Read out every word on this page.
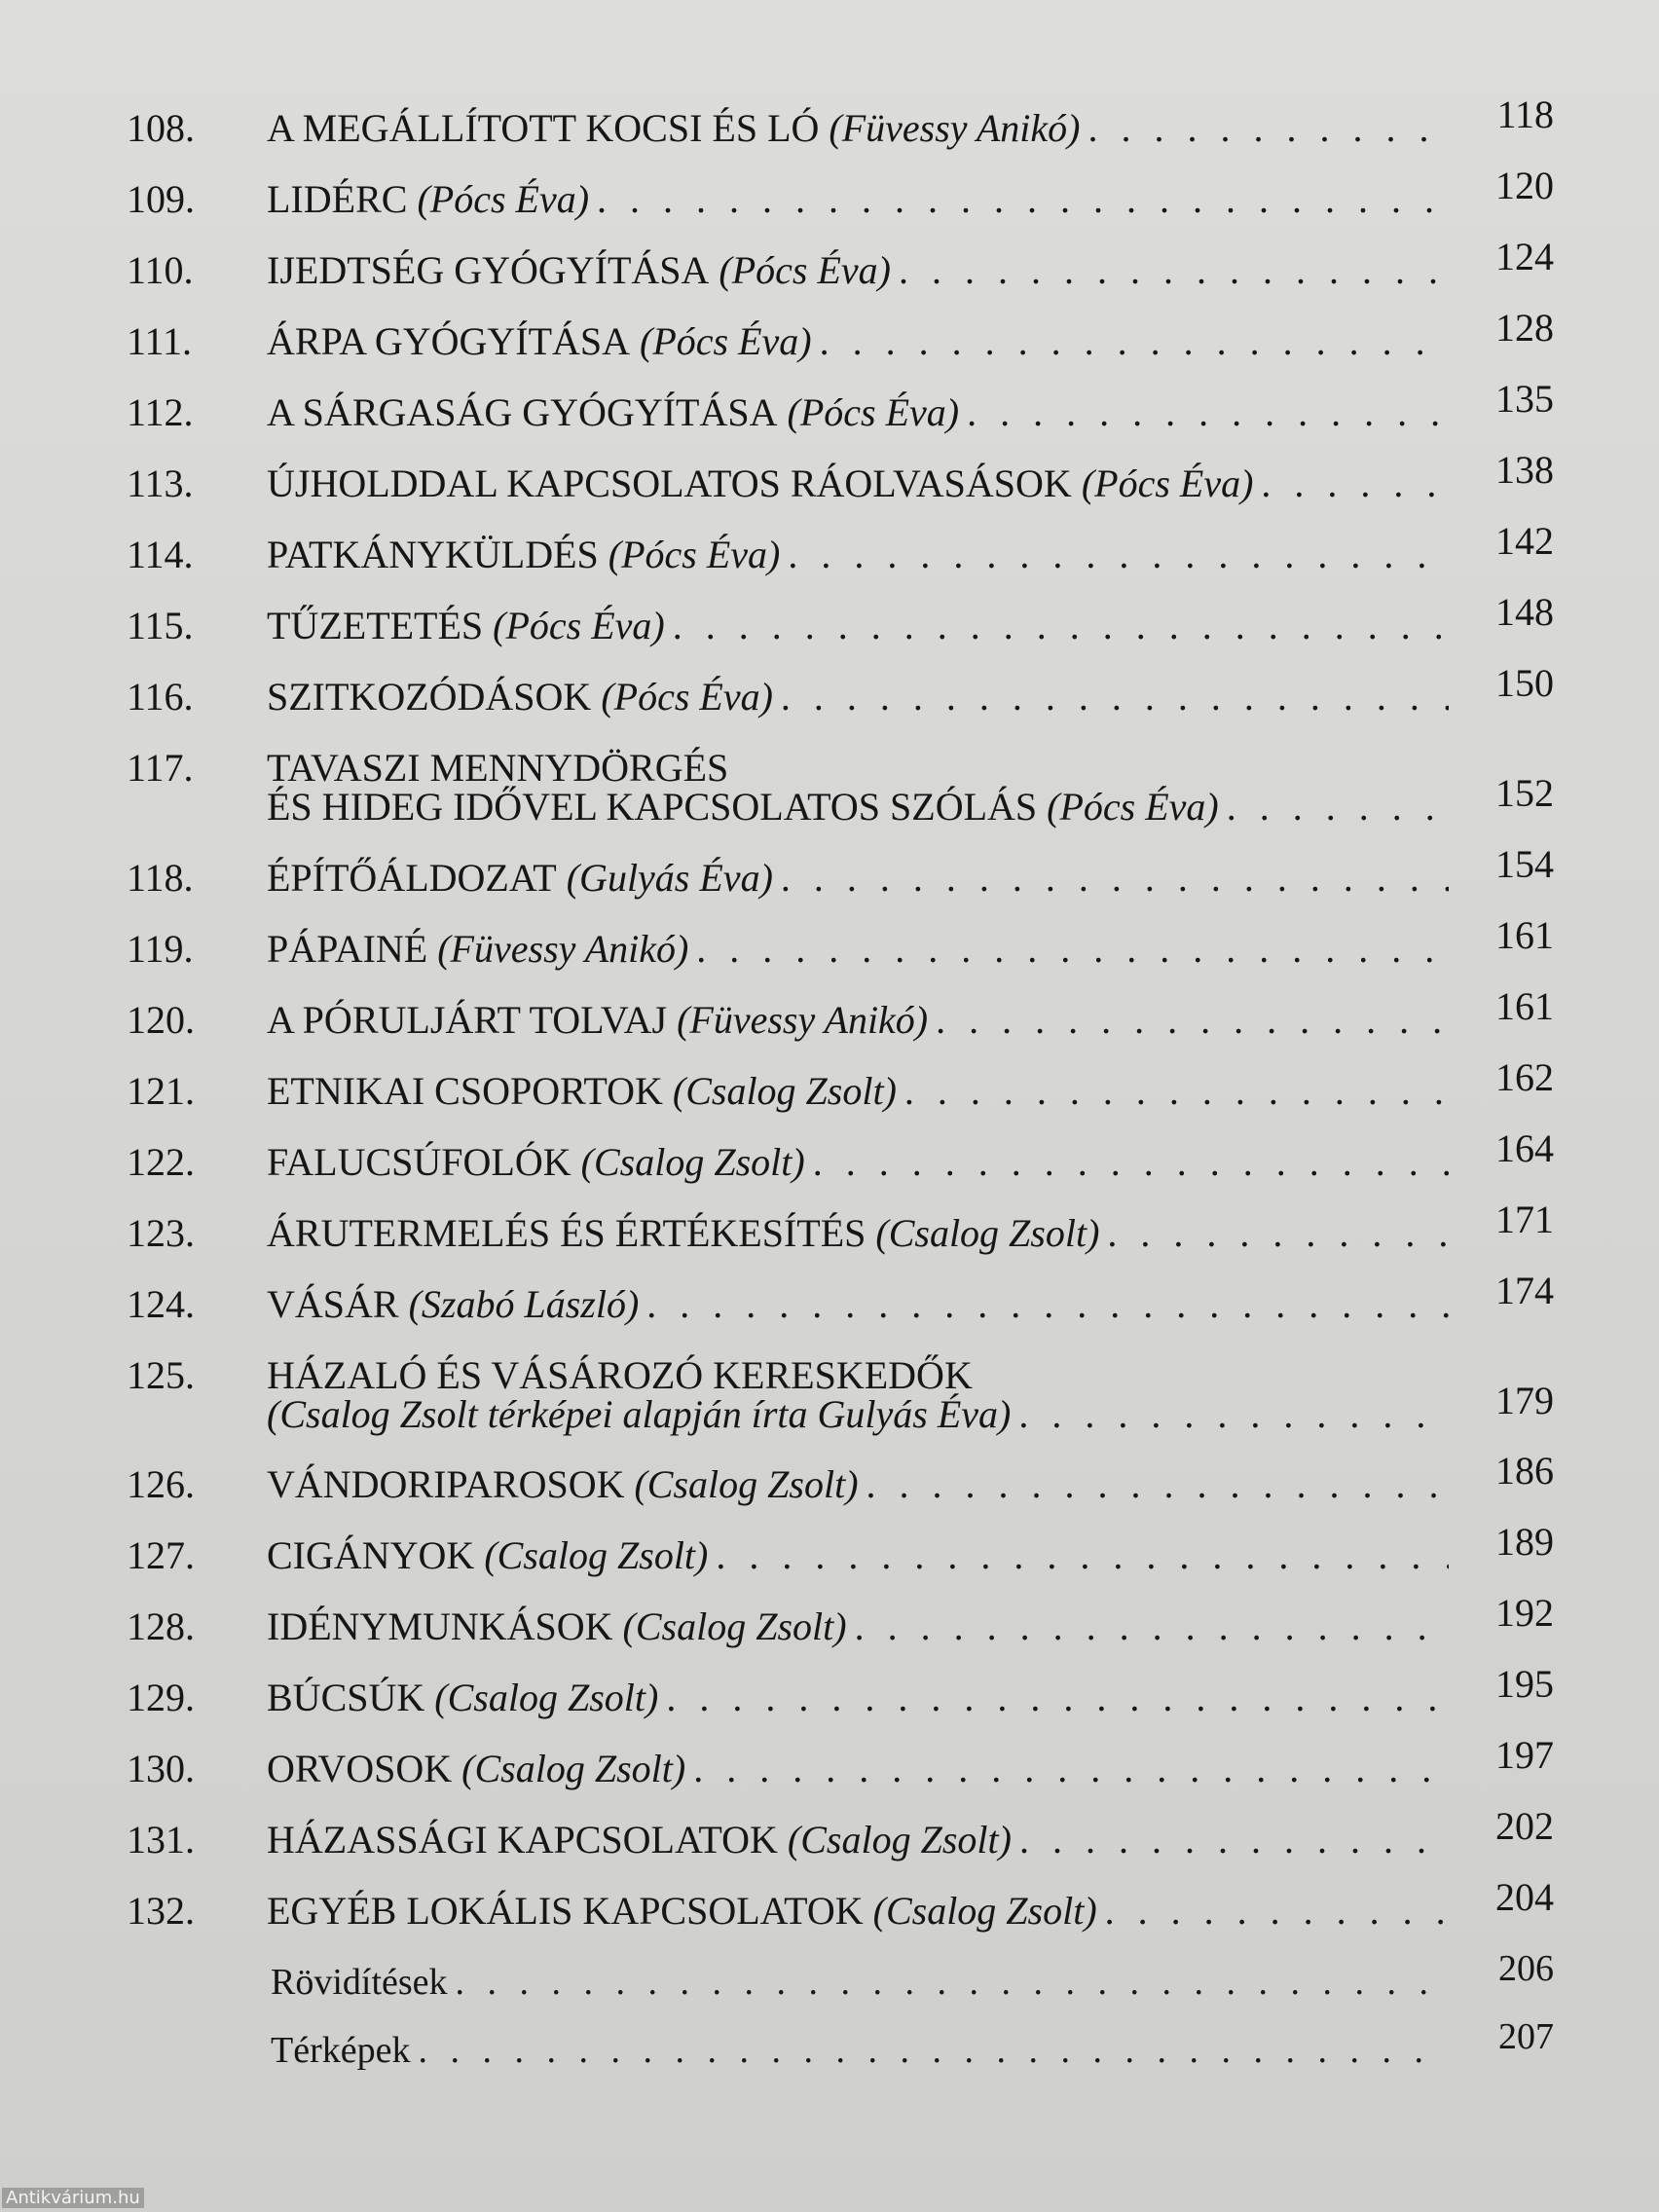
108.	A MEGÁLLÍTOTT KOCSI ÉS LÓ (Füvessy Anikó) . . .	118
109.	LIDÉRC (Pócs Éva) . . .	120
110.	IJEDTSÉG GYÓGYÍTÁSA (Pócs Éva) . . .	124
111.	ÁRPA GYÓGYÍTÁSA (Pócs Éva) . . .	128
112.	A SÁRGASÁG GYÓGYÍTÁSA (Pócs Éva) . . .	135
113.	ÚJHOLDDAL KAPCSOLATOS RÁOLVASÁSOK (Pócs Éva) . . .	138
114.	PATKÁNYKÜLDÉS (Pócs Éva) . . .	142
115.	TŰZETETÉS (Pócs Éva) . . .	148
116.	SZITKOZÓDÁSOK (Pócs Éva) . . .	150
117.	TAVASZI MENNYDÖRGÉS
ÉS HIDEG IDŐVEL KAPCSOLATOS SZÓLÁS (Pócs Éva) . . .	152
118.	ÉPÍTŐÁLDOZAT (Gulyás Éva) . . .	154
119.	PÁPAINÉ (Füvessy Anikó) . . .	161
120.	A PÓRULJÁRT TOLVAJ (Füvessy Anikó) . . .	161
121.	ETNIKAI CSOPORTOK (Csalog Zsolt) . . .	162
122.	FALUCSÚFOLÓK (Csalog Zsolt) . . .	164
123.	ÁRUTERMELÉS ÉS ÉRTÉKESÍTÉS (Csalog Zsolt) . . .	171
124.	VÁSÁR (Szabó László) . . .	174
125.	HÁZALÓ ÉS VÁSÁROZÓ KERESKEDŐK
(Csalog Zsolt térképei alapján írta Gulyás Éva) . . .	179
126.	VÁNDORIPAROSOK (Csalog Zsolt) . . .	186
127.	CIGÁNYOK (Csalog Zsolt) . . .	189
128.	IDÉNYMUNKÁSOK (Csalog Zsolt) . . .	192
129.	BÚCSÚK (Csalog Zsolt) . . .	195
130.	ORVOSOK (Csalog Zsolt) . . .	197
131.	HÁZASSÁGI KAPCSOLATOK (Csalog Zsolt) . . .	202
132.	EGYÉB LOKÁLIS KAPCSOLATOK (Csalog Zsolt) . . .	204
Rövidítések . . .	206
Térképek . . .	207
Antikvárium.hu
